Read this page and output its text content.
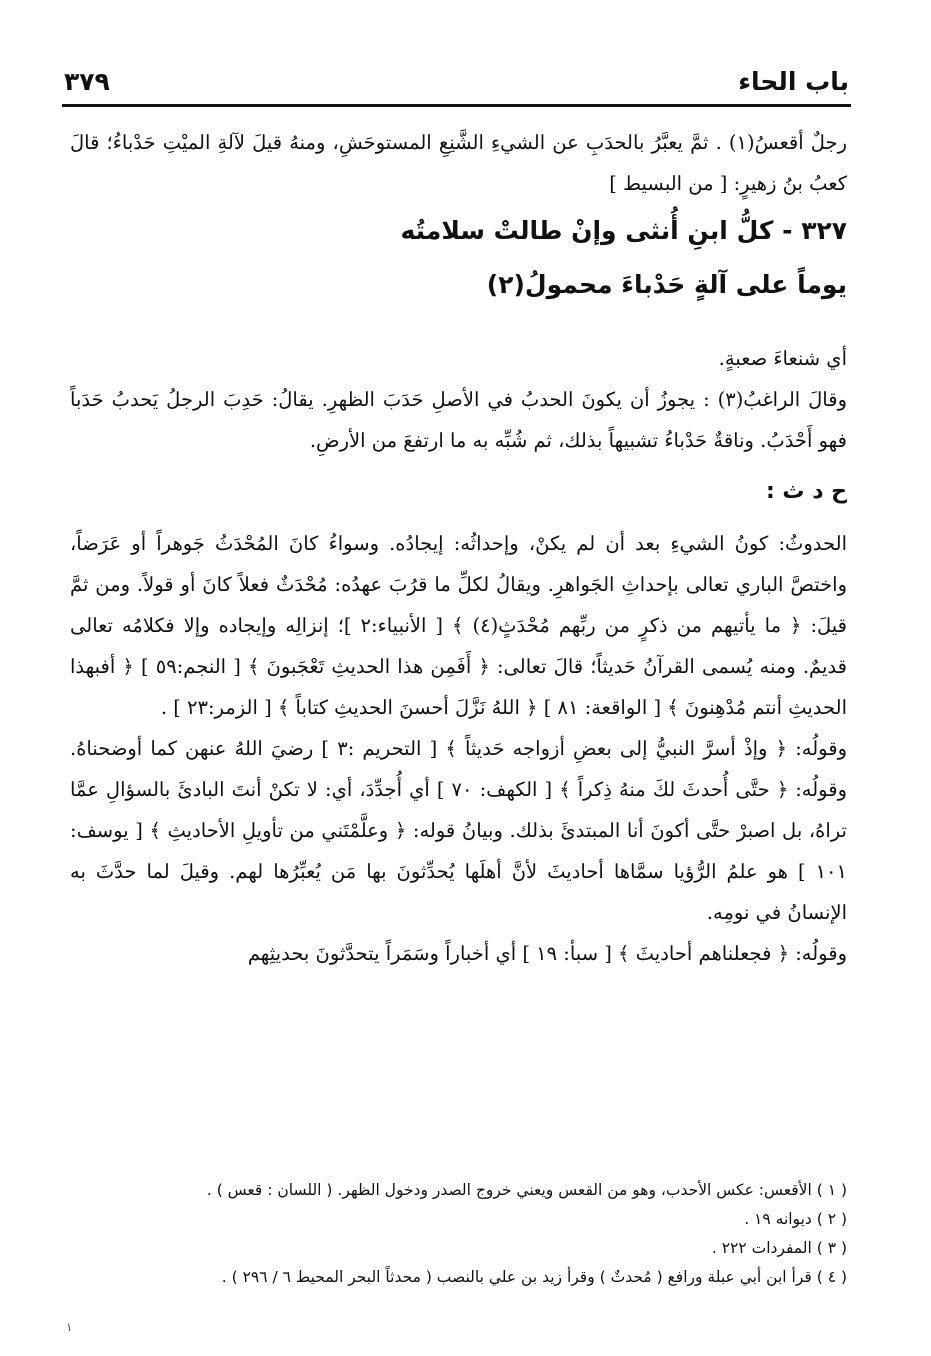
باب الحاء
٣٧٩

رجلٌ أقعسُ(١) . ثمَّ يعبَّرُ بالحدَبِ عن الشيءِ الشَّنِعِ المستوحَشِ، ومنهُ قيلَ لآلةِ الميْتِ حَدْباءُ؛ قالَ كعبُ بنُ زهيرٍ: [ من البسيط ]

٣٢٧ - كلُّ ابنِ أُنثى وإنْ طالتْ سلامتُه

يوماً على آلةٍ حَدْباءَ محمولُ(٢)

أي شنعاءَ صعبةٍ.

وقالَ الراغبُ(٣) : يجوزُ أن يكونَ الحدبُ في الأصلِ حَدَبَ الظهرِ. يقالُ: حَدِبَ الرجلُ يَحدبُ حَدَباً فهو أَحْدَبُ. وناقةٌ حَدْباءُ تشبيهاً بذلك، ثم شُبِّه به ما ارتفعَ من الأرضِ.

ح د ث :

الحدوثُ: كونُ الشيءِ بعد أن لم يكنْ، وإحداثُه: إيجادُه. وسواءُ كانَ المُحْدَثُ جَوهراً أو عَرَضاً، واختصَّ الباري تعالى بإحداثِ الجَواهرِ. ويقالُ لكلِّ ما قرُبَ عهدُه: مُحْدَثٌ فعلاً كانَ أو قولاً. ومن ثمَّ قيلَ: ﴿ ما يأتيهم من ذكرٍ من ربِّهم مُحْدَثٍ(٤) ﴾ [ الأنبياء:٢ ]؛ إنزالِه وإيجاده وإلا فكلامُه تعالى قديمٌ. ومنه يُسمى القرآنُ حَديثاً؛ قالَ تعالى: ﴿ أَفَمِن هذا الحديثِ تَعْجَبونَ ﴾ [ النجم:٥٩ ] ﴿ أفبهذا الحديثِ أنتم مُدْهِنونَ ﴾ [ الواقعة: ٨١ ] ﴿ اللهُ نَزَّلَ أحسنَ الحديثِ كتاباً ﴾ [ الزمر:٢٣ ] .

وقولُه: ﴿ وإذْ أسرَّ النبيُّ إلى بعضِ أزواجه حَديثاً ﴾ [ التحريم :٣ ] رضيَ اللهُ عنهن كما أوضحناهُ. وقولُه: ﴿ حتَّى أُحدثَ لكَ منهُ ذِكراً ﴾ [ الكهف: ٧٠ ] أي أُجدِّدَ، أي: لا تكنْ أنتَ البادئَ بالسؤالِ عمَّا تراهُ، بل اصبرْ حتَّى أكونَ أنا المبتدئَ بذلك. وبيانُ قوله: ﴿ وعلَّمْتَني من تأويلِ الأحاديثِ ﴾ [ يوسف: ١٠١ ] هو علمُ الرُّؤيا سمَّاها أحاديثَ لأنَّ أهلَها يُحدِّثونَ بها مَن يُعبِّرُها لهم. وقيلَ لما حدَّثَ به الإنسانُ في نومِه.

وقولُه: ﴿ فجعلناهم أحاديثَ ﴾ [ سبأ: ١٩ ] أي أخباراً وسَمَراً يتحدَّثونَ بحديثِهم

( ١ ) الأقعس: عكس الأحدب، وهو من القعس ويعني خروج الصدر ودخول الظهر. ( اللسان : قعس ) .
( ٢ ) ديوانه ١٩ .
( ٣ ) المفردات ٢٢٢ .
( ٤ ) قرأ ابن أبي عبلة ورافع ( مُحدثٌ ) وقرأ زيد بن علي بالنصب ( محدثاً البحر المحيط ٦ / ٢٩٦ ) .
١
